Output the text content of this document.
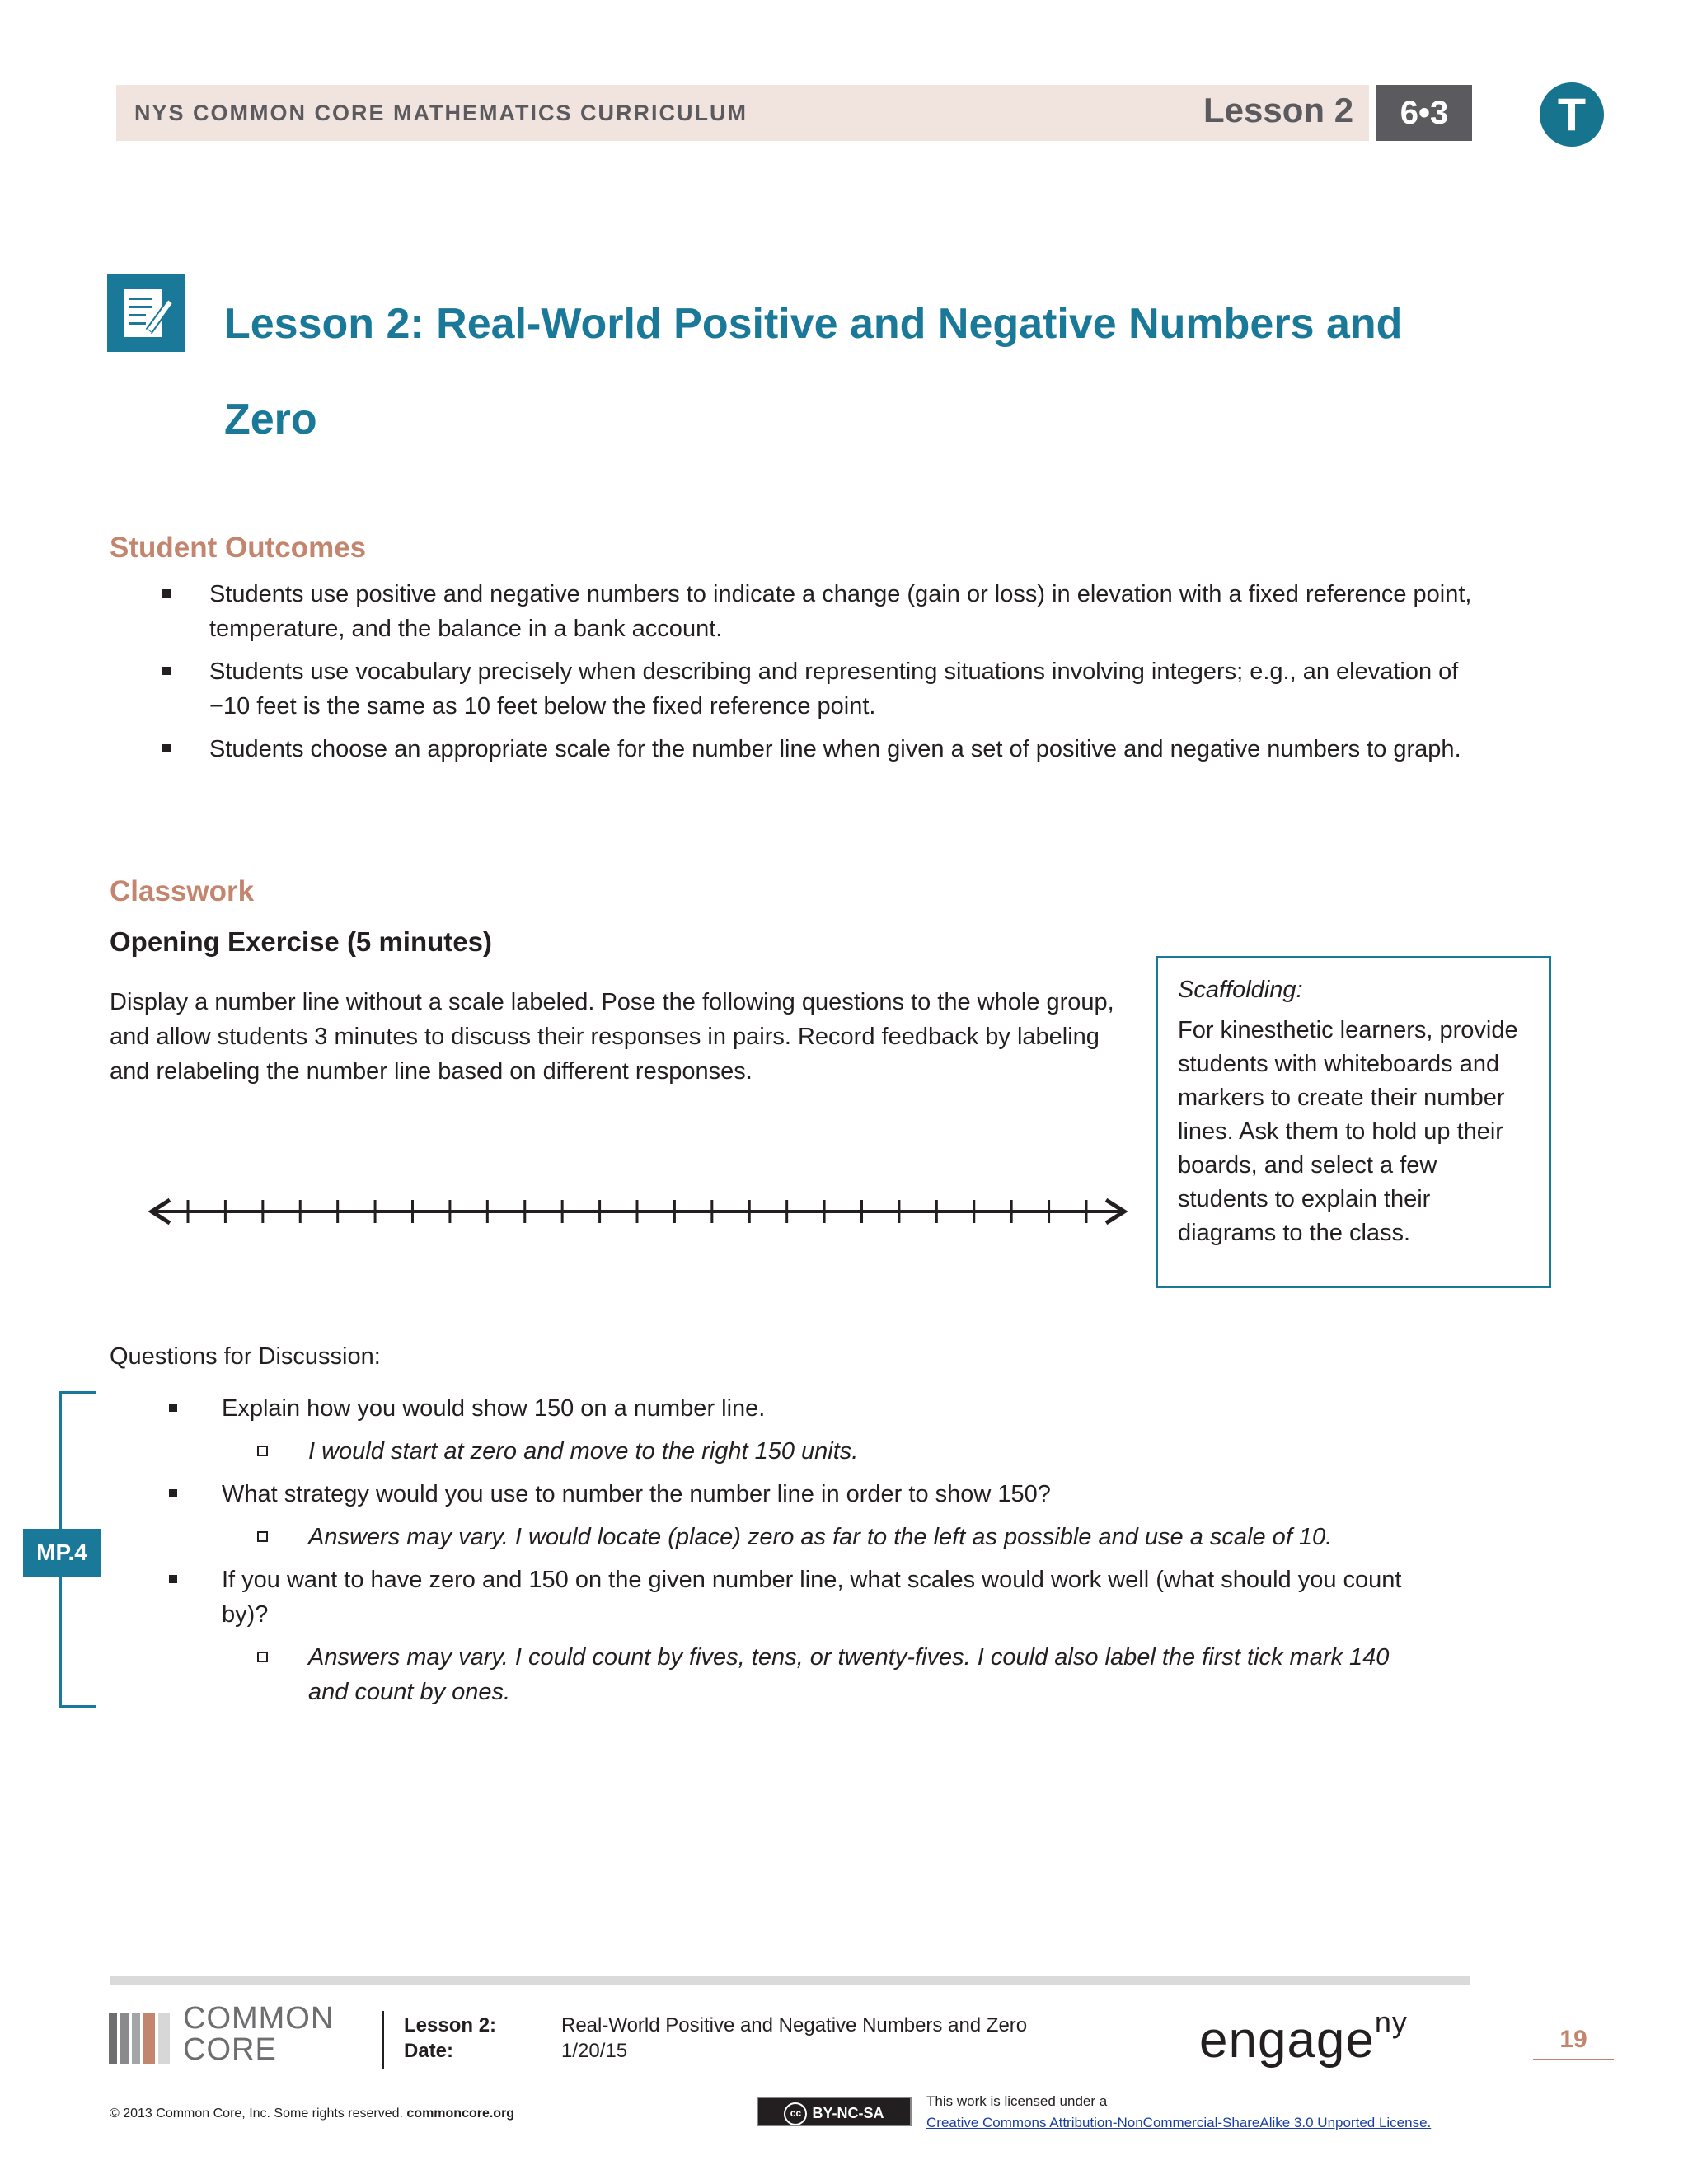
NYS COMMON CORE MATHEMATICS CURRICULUM	Lesson 2	6•3	T
Lesson 2: Real-World Positive and Negative Numbers and Zero
Student Outcomes
Students use positive and negative numbers to indicate a change (gain or loss) in elevation with a fixed reference point, temperature, and the balance in a bank account.
Students use vocabulary precisely when describing and representing situations involving integers; e.g., an elevation of −10 feet is the same as 10 feet below the fixed reference point.
Students choose an appropriate scale for the number line when given a set of positive and negative numbers to graph.
Classwork
Opening Exercise (5 minutes)
Display a number line without a scale labeled. Pose the following questions to the whole group, and allow students 3 minutes to discuss their responses in pairs. Record feedback by labeling and relabeling the number line based on different responses.
Scaffolding:
For kinesthetic learners, provide students with whiteboards and markers to create their number lines. Ask them to hold up their boards, and select a few students to explain their diagrams to the class.
Questions for Discussion:
MP.4
Explain how you would show 150 on a number line.
I would start at zero and move to the right 150 units.
What strategy would you use to number the number line in order to show 150?
Answers may vary. I would locate (place) zero as far to the left as possible and use a scale of 10.
If you want to have zero and 150 on the given number line, what scales would work well (what should you count by)?
Answers may vary. I could count by fives, tens, or twenty-fives. I could also label the first tick mark 140 and count by ones.
COMMON
CORE
Lesson 2:
Date:
Real-World Positive and Negative Numbers and Zero
1/20/15	engage$^{ny}$
19
© 2013 Common Core, Inc. Some rights reserved. commoncore.org	cc BY-NC-SA
This work is licensed under a
Creative Commons Attribution-NonCommercial-ShareAlike 3.0 Unported License.
